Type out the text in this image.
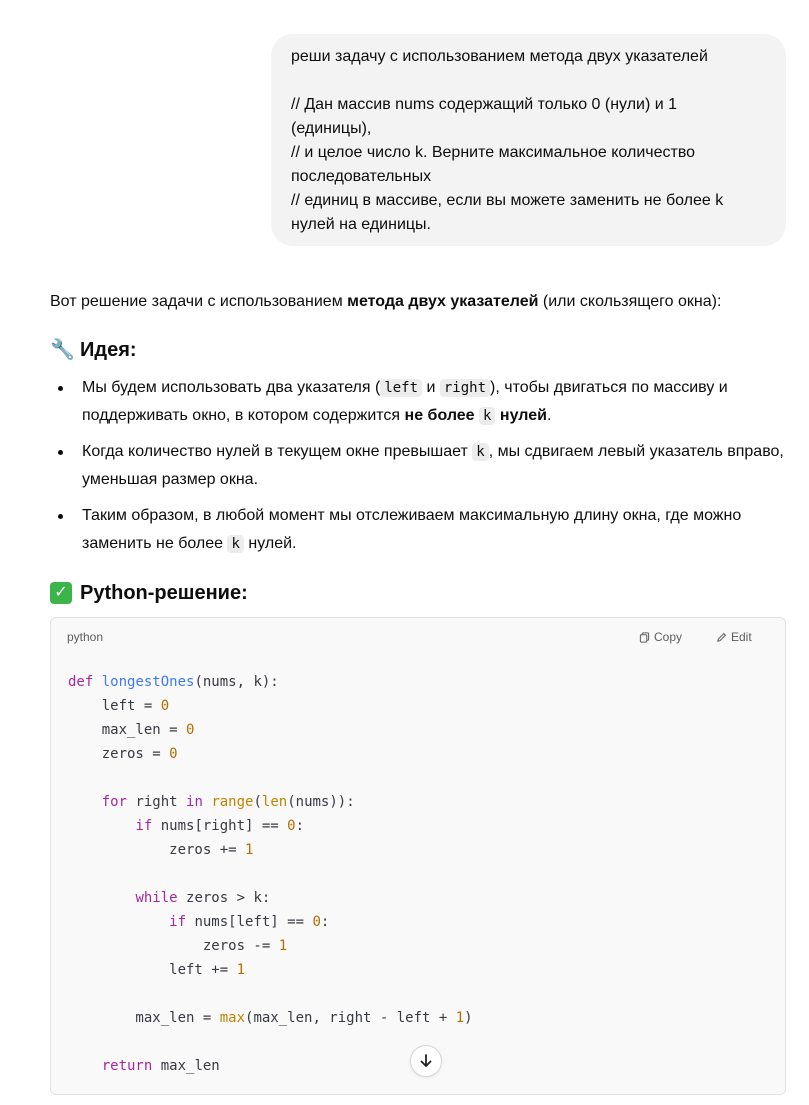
реши задачу с использованием метода двух указателей
// Дан массив nums содержащий только 0 (нули) и 1
(единицы),
// и целое число k. Верните максимальное количество
последовательных
// единиц в массиве, если вы можете заменить не более k
нулей на единицы.

Вот решение задачи с использованием метода двух указателей (или скользящего окна):

🔧 Идея:
Мы будем использовать два указателя ( left и right ), чтобы двигаться по массиву и поддерживать окно, в котором содержится не более k нулей.
Когда количество нулей в текущем окне превышает k , мы сдвигаем левый указатель вправо, уменьшая размер окна.
Таким образом, в любой момент мы отслеживаем максимальную длину окна, где можно заменить не более k нулей.
✓ Python-решение:
python	Copy	Edit
def longestOnes(nums, k):
left = 0
max_len = 0
zeros = 0

for right in range(len(nums)):
if nums[right] == 0:
zeros += 1

while zeros > k:
if nums[left] == 0:
zeros -= 1
left += 1

max_len = max(max_len, right - left + 1)

return max_len
